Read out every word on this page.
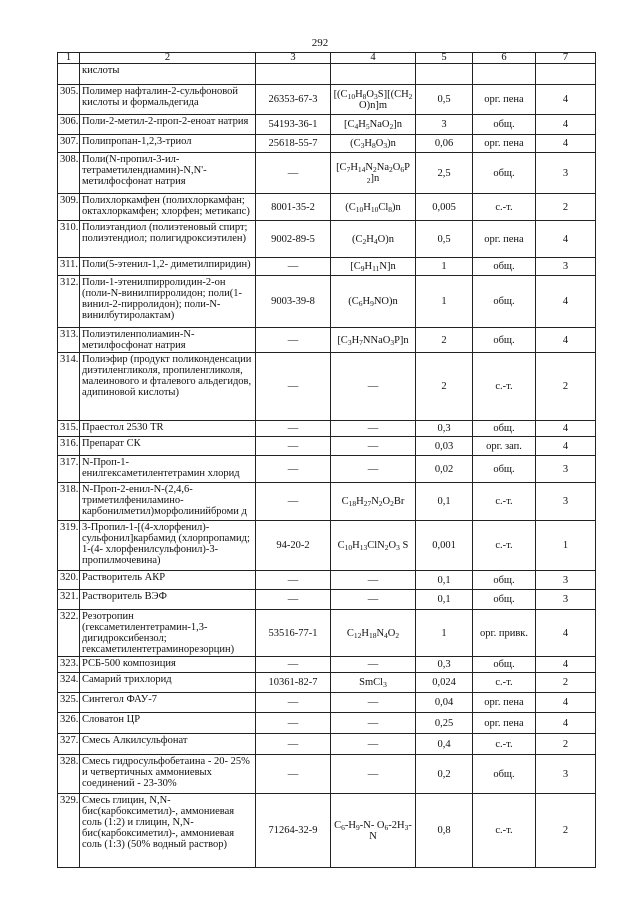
292
1	2	3	4	5	6	7
	кислоты					
305.	Полимер нафталин-2-сульфоновой кислоты и формальдегида	26353-67-3	[$(C_{10}H_8O_3S][(CH_2O)n]m$	0,5	орг. пена	4
306.	Поли-2-метил-2-проп-2-еноат натрия	54193-36-1	$[C_4H_5NaO_2]n$	3	общ.	4
307.	Полипропан-1,2,3-триол	25618-55-7	$(C_3H_8O_3)n$	0,06	орг. пена	4
308.	Поли(N-пропил-3-ил-тетраметилендиамин)-N,N'-метилфосфонат натрия	—	$[C_7H_{14}N_2Na_2O_6P_2]n$	2,5	общ.	3
309.	Полихлоркамфен (полихлоркамфан; октахлоркамфен; хлорфен; метикапс)	8001-35-2	$(C_{10}H_{10}Cl_8)n$	0,005	с.-т.	2
310.	Полиэтандиол (полиэтеновый спирт; полиэтендиол; полигидроксиэтилен)	9002-89-5	$(C_2H_4O)n$	0,5	орг. пена	4
311.	Поли(5-этенил-1,2- диметилпиридин)	—	$[C_9H_{11}N]n$	1	общ.	3
312.	Поли-1-этенилпирролидин-2-он (поли-N-винилпирролидон; поли(1-винил-2-пирролидон); поли-N-винилбутиролактам)	9003-39-8	$(C_6H_9NO)n$	1	общ.	4
313.	Полиэтиленполиамин-N-метилфосфонат натрия	—	$[C_3H_7NNaO_3P]n$	2	общ.	4
314.	Полиэфир (продукт поликонденсации диэтиленгликоля, пропиленгликоля, малеинового и фталевого альдегидов, адипиновой кислоты)	—	—	2	с.-т.	2
315.	Праестол 2530 TR	—	—	0,3	общ.	4
316.	Препарат СК	—	—	0,03	орг. зап.	4
317.	N-Проп-1- енилгексаметилентетрамин хлорид	—	—	0,02	общ.	3
318.	N-Проп-2-енил-N-(2,4,6-триметилфениламино-карбонилметил)морфолинийброми д	—	$C_{18}H_{27}N_2O_2Br$	0,1	с.-т.	3
319.	3-Пропил-1-[(4-хлорфенил)-сульфонил]карбамид (хлорпропамид; 1-(4- хлорфенилсульфонил)-3-пропилмочевина)	94-20-2	$C_{10}H_{13}ClN_2O_3$ S	0,001	с.-т.	1
320.	Растворитель АКР	—	—	0,1	общ.	3
321.	Растворитель ВЭФ	—	—	0,1	общ.	3
322.	Резотропин (гексаметилентетрамин-1,3- дигидроксибензол; гексаметилентетраминорезорцин)	53516-77-1	$C_{12}H_{18}N_4O_2$	1	орг. привк.	4
323.	РСБ-500 композиция	—	—	0,3	общ.	4
324.	Самарий трихлорид	10361-82-7	SmCl$_3$	0,024	с.-т.	2
325.	Синтегол ФАУ-7	—	—	0,04	орг. пена	4
326.	Словатон ЦР	—	—	0,25	орг. пена	4
327.	Смесь Алкилсульфонат	—	—	0,4	с.-т.	2
328.	Смесь гидросульфобетаина - 20- 25% и четвертичных аммониевых соединений - 23-30%	—	—	0,2	общ.	3
329.	Смесь глицин, N,N-бис(карбоксиметил)-, аммониевая соль (1:2) и глицин, N,N-бис(карбоксиметил)-, аммониевая соль (1:3) (50% водный раствор)	71264-32-9	$C_6-H_9-N-$ $O_6-2H_3-N$	0,8	с.-т.	2
